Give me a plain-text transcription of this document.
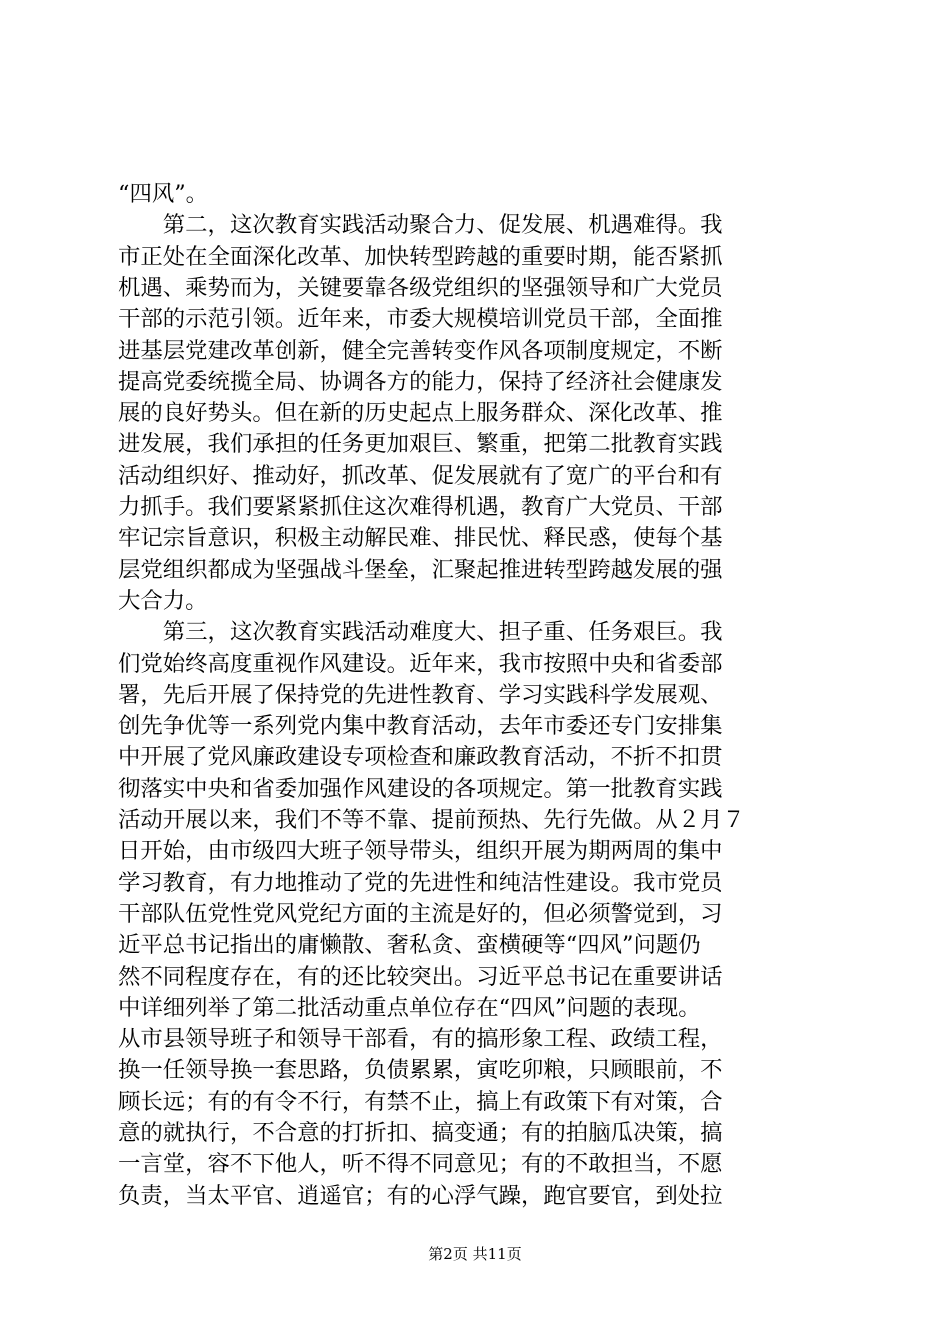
“四风”。
　　第二，这次教育实践活动聚合力、促发展、机遇难得。我
市正处在全面深化改革、加快转型跨越的重要时期，能否紧抓
机遇、乘势而为，关键要靠各级党组织的坚强领导和广大党员
干部的示范引领。近年来，市委大规模培训党员干部，全面推
进基层党建改革创新，健全完善转变作风各项制度规定，不断
提高党委统揽全局、协调各方的能力，保持了经济社会健康发
展的良好势头。但在新的历史起点上服务群众、深化改革、推
进发展，我们承担的任务更加艰巨、繁重，把第二批教育实践
活动组织好、推动好，抓改革、促发展就有了宽广的平台和有
力抓手。我们要紧紧抓住这次难得机遇，教育广大党员、干部
牢记宗旨意识，积极主动解民难、排民忧、释民惑，使每个基
层党组织都成为坚强战斗堡垒，汇聚起推进转型跨越发展的强
大合力。
　　第三，这次教育实践活动难度大、担子重、任务艰巨。我
们党始终高度重视作风建设。近年来，我市按照中央和省委部
署，先后开展了保持党的先进性教育、学习实践科学发展观、
创先争优等一系列党内集中教育活动，去年市委还专门安排集
中开展了党风廉政建设专项检查和廉政教育活动，不折不扣贯
彻落实中央和省委加强作风建设的各项规定。第一批教育实践
活动开展以来，我们不等不靠、提前预热、先行先做。从２月７
日开始，由市级四大班子领导带头，组织开展为期两周的集中
学习教育，有力地推动了党的先进性和纯洁性建设。我市党员
干部队伍党性党风党纪方面的主流是好的，但必须警觉到，习
近平总书记指出的庸懒散、奢私贪、蛮横硬等“四风”问题仍
然不同程度存在，有的还比较突出。习近平总书记在重要讲话
中详细列举了第二批活动重点单位存在“四风”问题的表现。
从市县领导班子和领导干部看，有的搞形象工程、政绩工程，
换一任领导换一套思路，负债累累，寅吃卯粮，只顾眼前，不
顾长远；有的有令不行，有禁不止，搞上有政策下有对策，合
意的就执行，不合意的打折扣、搞变通；有的拍脑瓜决策，搞
一言堂，容不下他人，听不得不同意见；有的不敢担当，不愿
负责，当太平官、逍遥官；有的心浮气躁，跑官要官，到处拉
第2页 共11页
